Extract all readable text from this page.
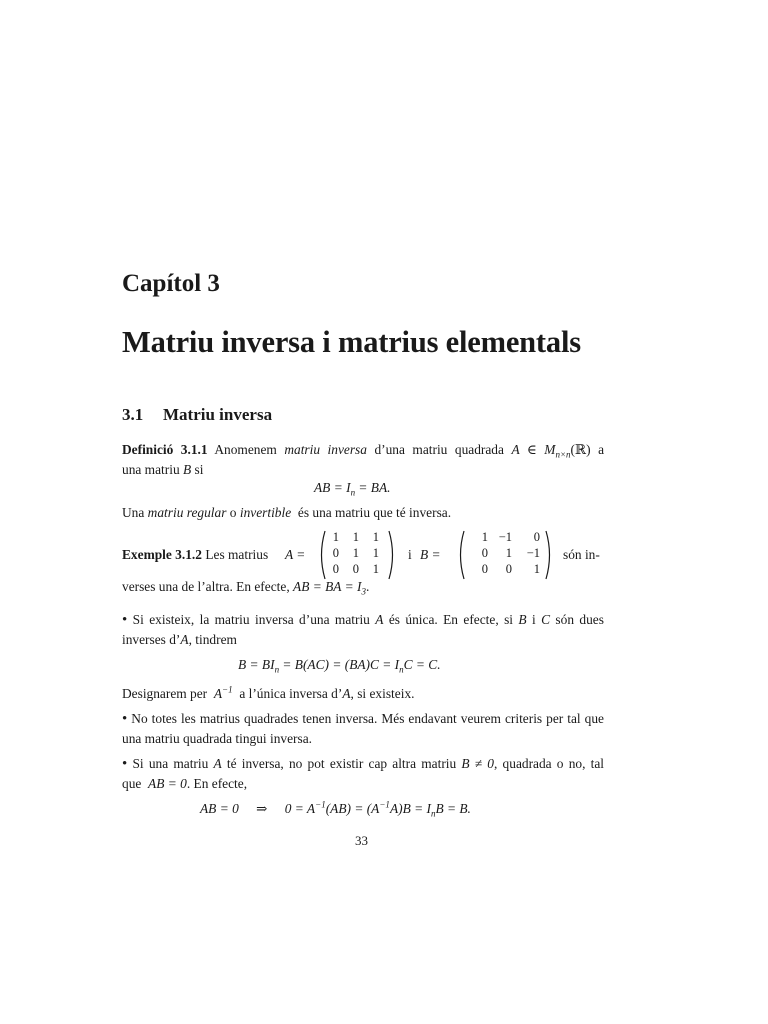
Capítol 3
Matriu inversa i matrius elementals
3.1 Matriu inversa
Definició 3.1.1 Anomenem matriu inversa d’una matriu quadrada A ∈ $M_{n\times n}(ℝ)$ a
una matriu B si
AB = $I_n$ = BA.
Una matriu regular o invertible és una matriu que té inversa.
Exemple 3.1.2 Les matrius A =	i B =	són in-
1	1	1
0	1	1
0	0	1
1 −1	0
0	1	−1
0	0	1
verses una de l’altra. En efecte, AB = BA = $I_3$.
• Si existeix, la matriu inversa d’una matriu A és única. En efecte, si B i C són dues
inverses d’A, tindrem
$B = BI_n = B(AC) = (BA)C = I_nC = C$.
Designarem per $A^{-1}$ a l’única inversa d’A, si existeix.
• No totes les matrius quadrades tenen inversa. Més endavant veurem criteris per tal que
una matriu quadrada tingui inversa.
• Si una matriu A té inversa, no pot existir cap altra matriu B ≠ 0, quadrada o no, tal
que AB = 0. En efecte,
AB = 0 ⇒ $0 = A^{-1}(AB) = (A^{-1}A)B = I_nB = B$.
33
